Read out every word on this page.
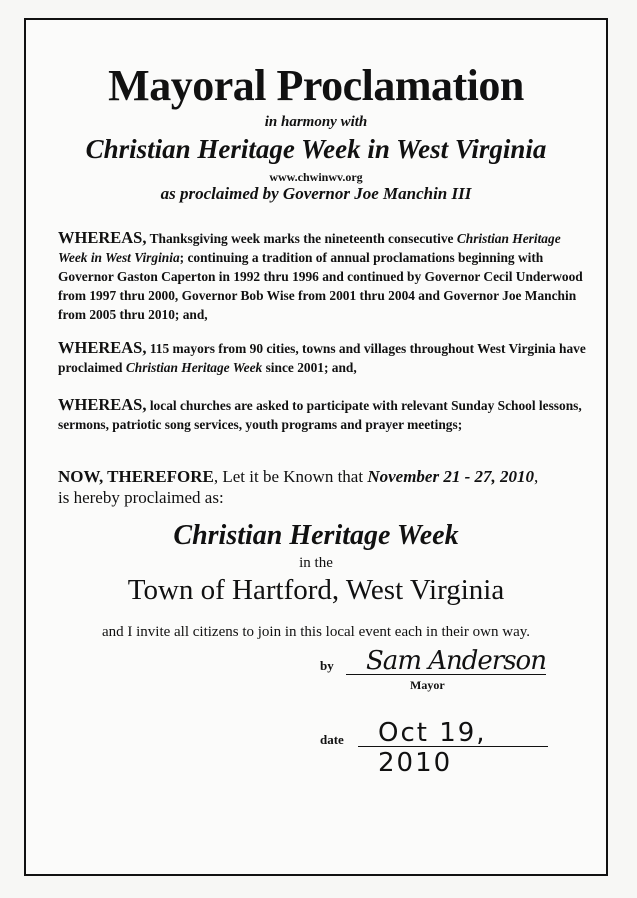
Mayoral Proclamation
in harmony with
Christian Heritage Week in West Virginia
www.chwinwv.org
as proclaimed by Governor Joe Manchin III
WHEREAS, Thanksgiving week marks the nineteenth consecutive Christian Heritage Week in West Virginia; continuing a tradition of annual proclamations beginning with Governor Gaston Caperton in 1992 thru 1996 and continued by Governor Cecil Underwood from 1997 thru 2000, Governor Bob Wise from 2001 thru 2004 and Governor Joe Manchin from 2005 thru 2010; and,
WHEREAS, 115 mayors from 90 cities, towns and villages throughout West Virginia have proclaimed Christian Heritage Week since 2001; and,
WHEREAS, local churches are asked to participate with relevant Sunday School lessons, sermons, patriotic song services, youth programs and prayer meetings;
NOW, THEREFORE, Let it be Known that November 21 - 27, 2010,
is hereby proclaimed as:
Christian Heritage Week
in the
Town of Hartford, West Virginia
and I invite all citizens to join in this local event each in their own way.
by Sam Anderson
Mayor
date Oct 19, 2010
